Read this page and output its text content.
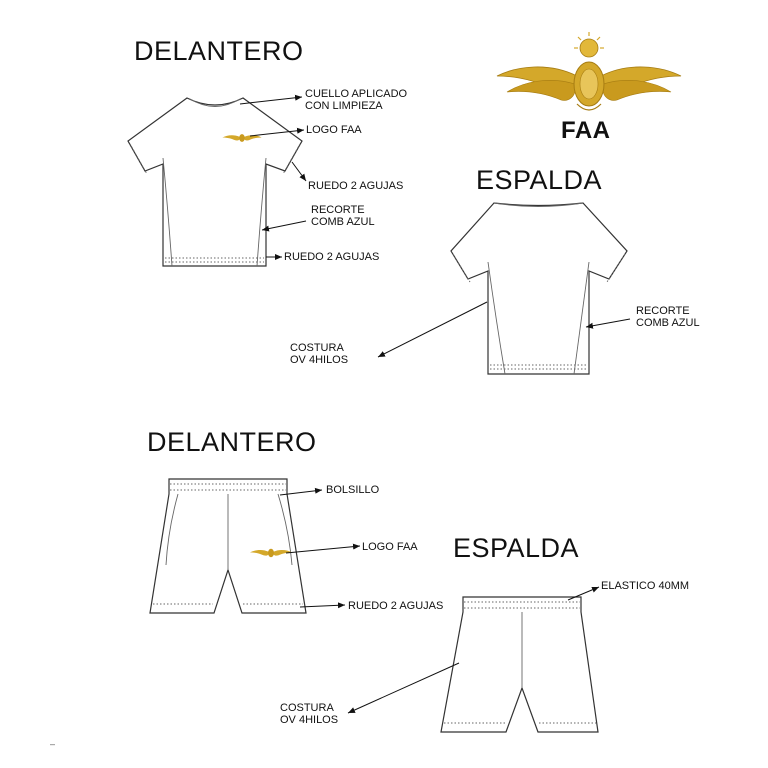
DELANTERO
ESPALDA
DELANTERO
ESPALDA
FAA
CUELLO APLICADO
CON LIMPIEZA
LOGO FAA
RUEDO 2 AGUJAS
RECORTE
COMB AZUL
RUEDO 2 AGUJAS
RECORTE
COMB AZUL
COSTURA
OV 4HILOS
BOLSILLO
LOGO FAA
RUEDO 2 AGUJAS
ELASTICO 40MM
COSTURA
OV 4HILOS
–
